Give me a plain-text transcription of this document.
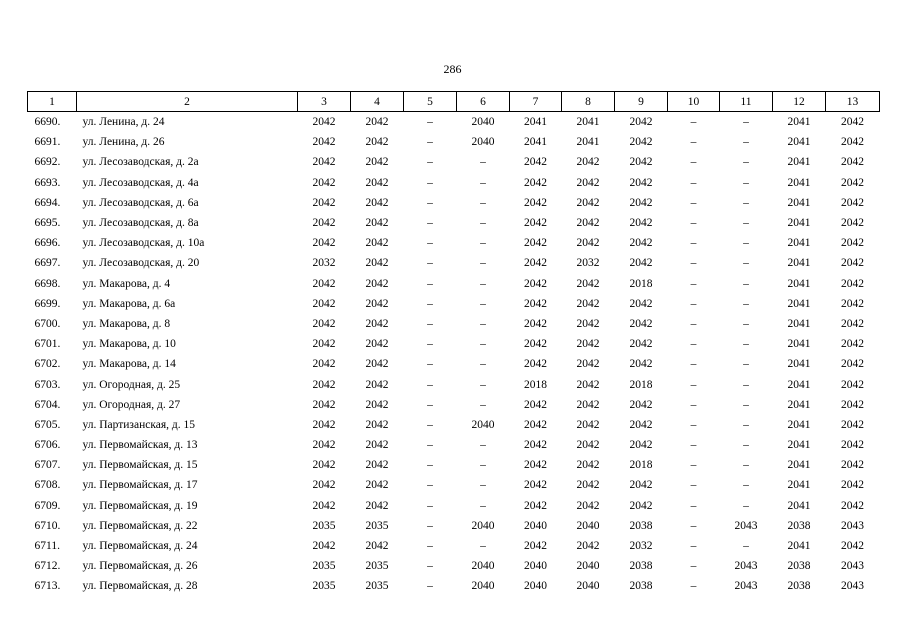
286
1	2	3	4	5	6	7	8	9	10	11	12	13
6690.	ул. Ленина, д. 24	2042	2042	–	2040	2041	2041	2042	–	–	2041	2042
6691.	ул. Ленина, д. 26	2042	2042	–	2040	2041	2041	2042	–	–	2041	2042
6692.	ул. Лесозаводская, д. 2а	2042	2042	–	–	2042	2042	2042	–	–	2041	2042
6693.	ул. Лесозаводская, д. 4а	2042	2042	–	–	2042	2042	2042	–	–	2041	2042
6694.	ул. Лесозаводская, д. 6а	2042	2042	–	–	2042	2042	2042	–	–	2041	2042
6695.	ул. Лесозаводская, д. 8а	2042	2042	–	–	2042	2042	2042	–	–	2041	2042
6696.	ул. Лесозаводская, д. 10а	2042	2042	–	–	2042	2042	2042	–	–	2041	2042
6697.	ул. Лесозаводская, д. 20	2032	2042	–	–	2042	2032	2042	–	–	2041	2042
6698.	ул. Макарова, д. 4	2042	2042	–	–	2042	2042	2018	–	–	2041	2042
6699.	ул. Макарова, д. 6а	2042	2042	–	–	2042	2042	2042	–	–	2041	2042
6700.	ул. Макарова, д. 8	2042	2042	–	–	2042	2042	2042	–	–	2041	2042
6701.	ул. Макарова, д. 10	2042	2042	–	–	2042	2042	2042	–	–	2041	2042
6702.	ул. Макарова, д. 14	2042	2042	–	–	2042	2042	2042	–	–	2041	2042
6703.	ул. Огородная, д. 25	2042	2042	–	–	2018	2042	2018	–	–	2041	2042
6704.	ул. Огородная, д. 27	2042	2042	–	–	2042	2042	2042	–	–	2041	2042
6705.	ул. Партизанская, д. 15	2042	2042	–	2040	2042	2042	2042	–	–	2041	2042
6706.	ул. Первомайская, д. 13	2042	2042	–	–	2042	2042	2042	–	–	2041	2042
6707.	ул. Первомайская, д. 15	2042	2042	–	–	2042	2042	2018	–	–	2041	2042
6708.	ул. Первомайская, д. 17	2042	2042	–	–	2042	2042	2042	–	–	2041	2042
6709.	ул. Первомайская, д. 19	2042	2042	–	–	2042	2042	2042	–	–	2041	2042
6710.	ул. Первомайская, д. 22	2035	2035	–	2040	2040	2040	2038	–	2043	2038	2043
6711.	ул. Первомайская, д. 24	2042	2042	–	–	2042	2042	2032	–	–	2041	2042
6712.	ул. Первомайская, д. 26	2035	2035	–	2040	2040	2040	2038	–	2043	2038	2043
6713.	ул. Первомайская, д. 28	2035	2035	–	2040	2040	2040	2038	–	2043	2038	2043
